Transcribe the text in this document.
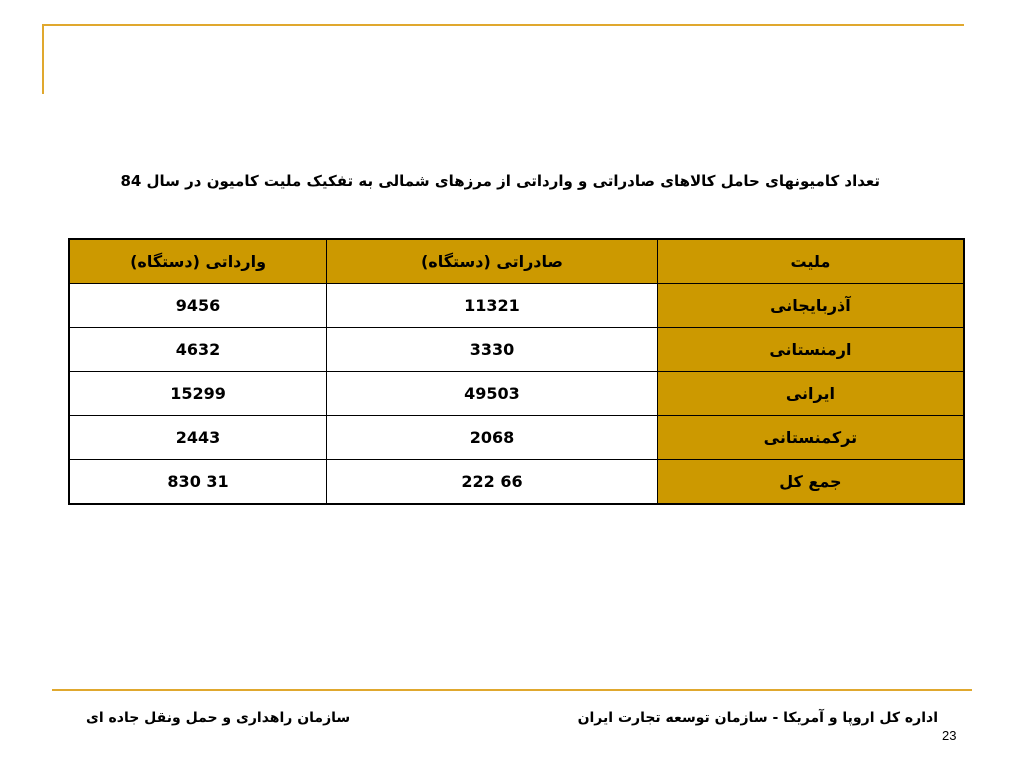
تعداد کامیونهای حامل کالاهای صادراتی و وارداتی از مرزهای شمالی به تفکیک ملیت کامیون در سال 84
ملیت	صادراتی (دستگاه)	وارداتی (دستگاه)
آذربایجانی	11321	9456
ارمنستانی	3330	4632
ایرانی	49503	15299
ترکمنستانی	2068	2443
جمع کل	66 222	31 830
سازمان راهداری و حمل ونقل جاده ای	اداره کل اروپا و آمریکا - سازمان توسعه تجارت ایران
23
